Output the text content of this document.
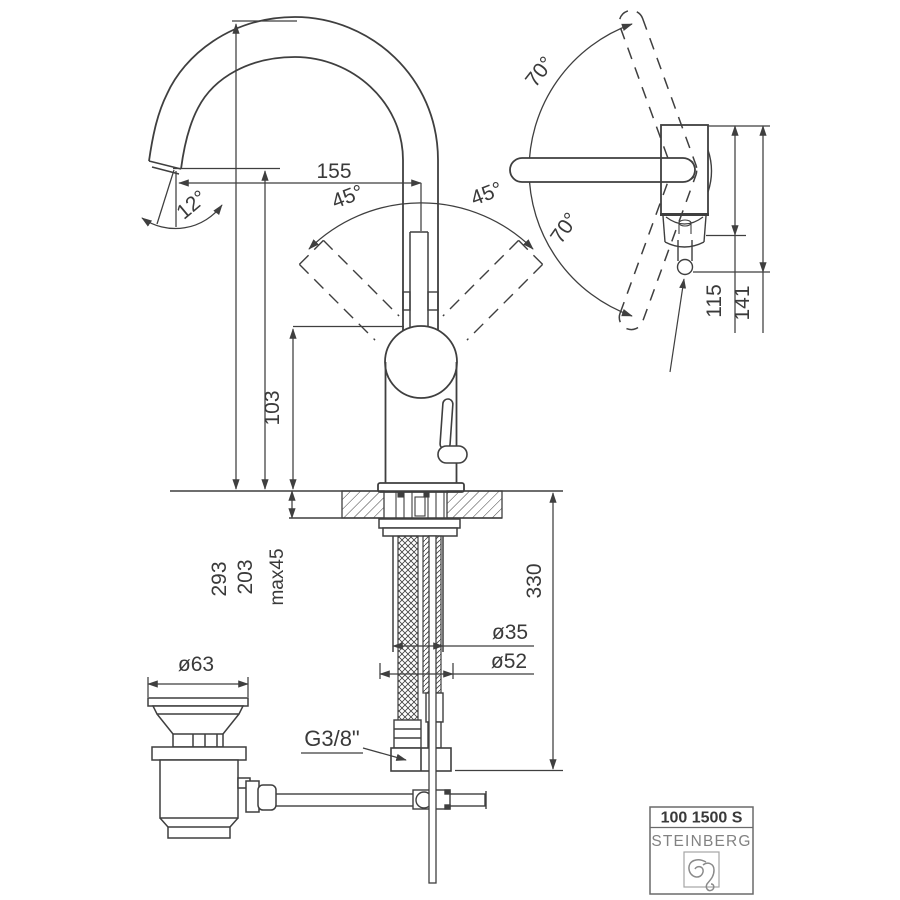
155
12°	45°	45°
103
293 203 max45	330
ø35
ø52
G3/8"
ø63
70°
70°
115 141
100 1500 S
STEINBERG
